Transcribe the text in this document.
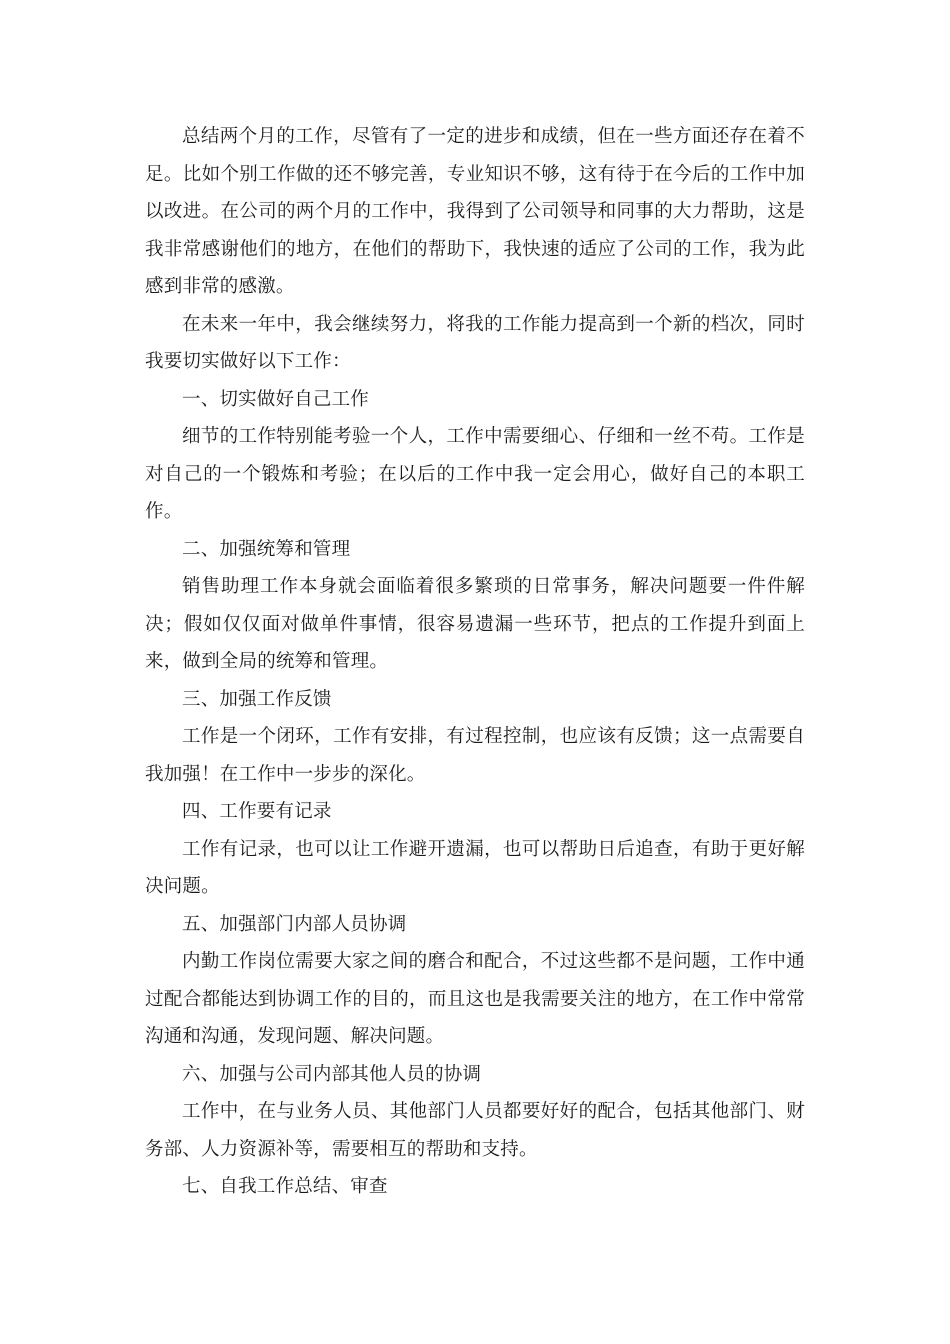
总结两个月的工作，尽管有了一定的进步和成绩，但在一些方面还存在着不足。比如个别工作做的还不够完善，专业知识不够，这有待于在今后的工作中加以改进。在公司的两个月的工作中，我得到了公司领导和同事的大力帮助，这是我非常感谢他们的地方，在他们的帮助下，我快速的适应了公司的工作，我为此感到非常的感激。

在未来一年中，我会继续努力，将我的工作能力提高到一个新的档次，同时我要切实做好以下工作：

一、切实做好自己工作

细节的工作特别能考验一个人，工作中需要细心、仔细和一丝不苟。工作是对自己的一个锻炼和考验；在以后的工作中我一定会用心，做好自己的本职工作。

二、加强统筹和管理

销售助理工作本身就会面临着很多繁琐的日常事务，解决问题要一件件解决；假如仅仅面对做单件事情，很容易遗漏一些环节，把点的工作提升到面上来，做到全局的统筹和管理。

三、加强工作反馈

工作是一个闭环，工作有安排，有过程控制，也应该有反馈；这一点需要自我加强！在工作中一步步的深化。

四、工作要有记录

工作有记录，也可以让工作避开遗漏，也可以帮助日后追查，有助于更好解决问题。

五、加强部门内部人员协调

内勤工作岗位需要大家之间的磨合和配合，不过这些都不是问题，工作中通过配合都能达到协调工作的目的，而且这也是我需要关注的地方，在工作中常常沟通和沟通，发现问题、解决问题。

六、加强与公司内部其他人员的协调

工作中，在与业务人员、其他部门人员都要好好的配合，包括其他部门、财务部、人力资源补等，需要相互的帮助和支持。

七、自我工作总结、审查
